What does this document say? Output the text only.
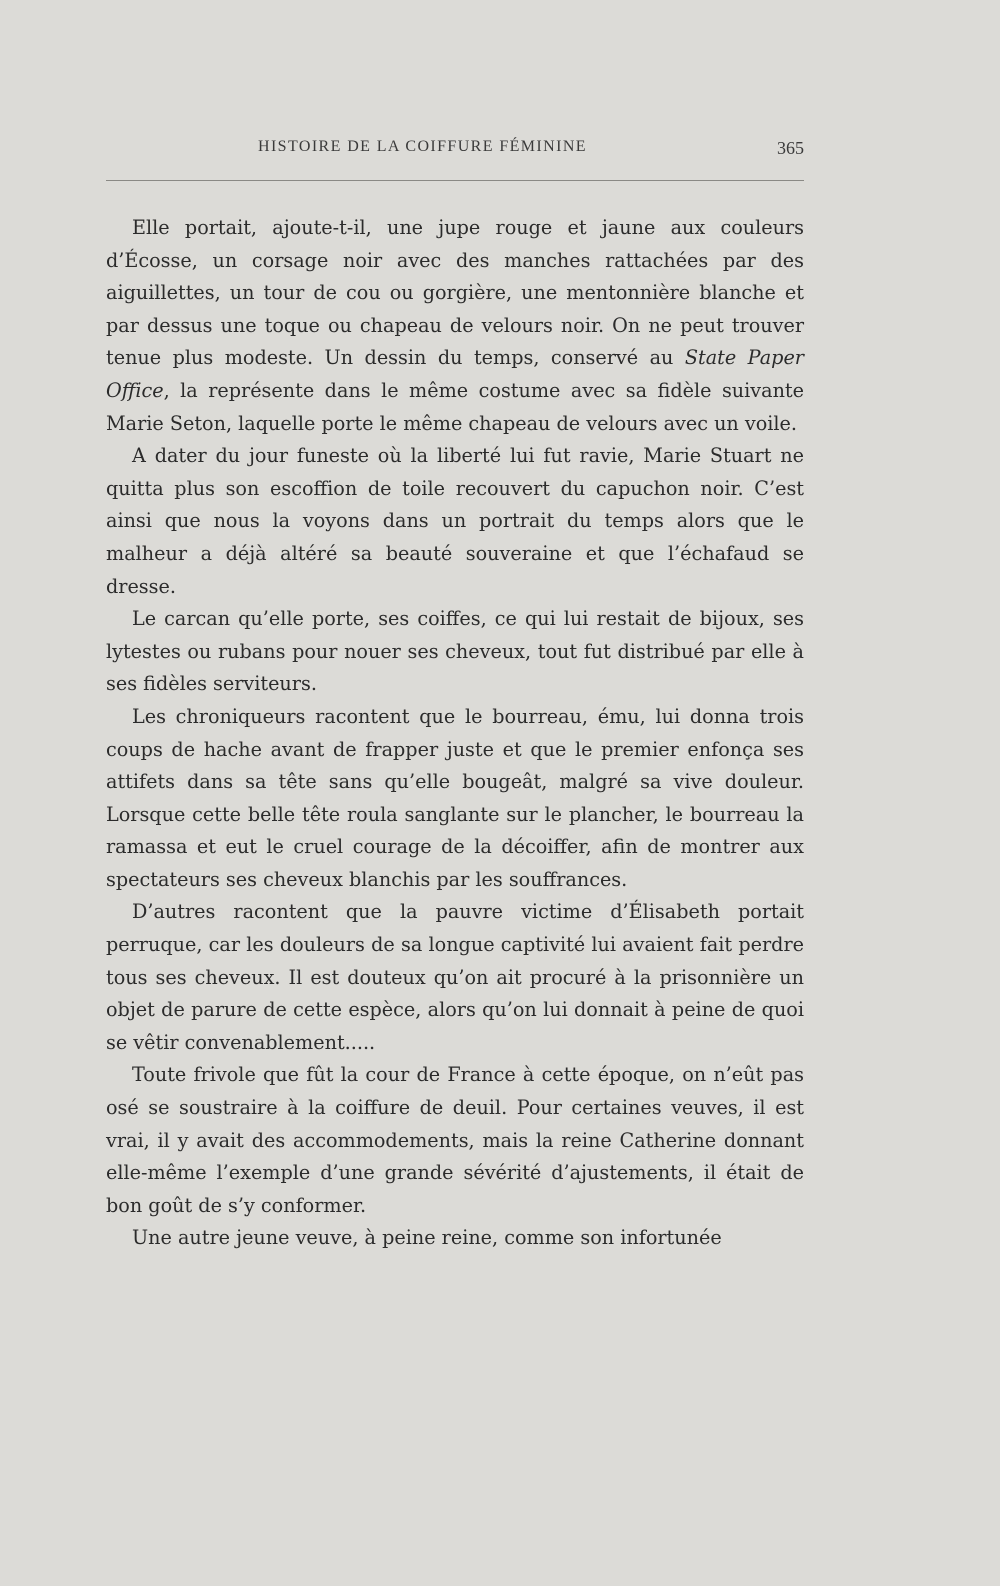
HISTOIRE DE LA COIFFURE FÉMININE	365

Elle portait, ajoute-t-il, une jupe rouge et jaune aux couleurs d’Écosse, un corsage noir avec des manches rattachées par des aiguillettes, un tour de cou ou gorgière, une mentonnière blanche et par dessus une toque ou chapeau de velours noir. On ne peut trouver tenue plus modeste. Un dessin du temps, conservé au State Paper Office, la représente dans le même costume avec sa fidèle suivante Marie Seton, laquelle porte le même chapeau de velours avec un voile.

A dater du jour funeste où la liberté lui fut ravie, Marie Stuart ne quitta plus son escoffion de toile recouvert du capuchon noir. C’est ainsi que nous la voyons dans un portrait du temps alors que le malheur a déjà altéré sa beauté souveraine et que l’échafaud se dresse.

Le carcan qu’elle porte, ses coiffes, ce qui lui restait de bijoux, ses lytestes ou rubans pour nouer ses cheveux, tout fut distribué par elle à ses fidèles serviteurs.

Les chroniqueurs racontent que le bourreau, ému, lui donna trois coups de hache avant de frapper juste et que le premier enfonça ses attifets dans sa tête sans qu’elle bougeât, malgré sa vive douleur. Lorsque cette belle tête roula sanglante sur le plancher, le bourreau la ramassa et eut le cruel courage de la décoiffer, afin de montrer aux spectateurs ses cheveux blanchis par les souffrances.

D’autres racontent que la pauvre victime d’Élisabeth portait perruque, car les douleurs de sa longue captivité lui avaient fait perdre tous ses cheveux. Il est douteux qu’on ait procuré à la prisonnière un objet de parure de cette espèce, alors qu’on lui donnait à peine de quoi se vêtir convenablement.....

Toute frivole que fût la cour de France à cette époque, on n’eût pas osé se soustraire à la coiffure de deuil. Pour certaines veuves, il est vrai, il y avait des accommodements, mais la reine Catherine donnant elle-même l’exemple d’une grande sévérité d’ajustements, il était de bon goût de s’y conformer.

Une autre jeune veuve, à peine reine, comme son infortunée
